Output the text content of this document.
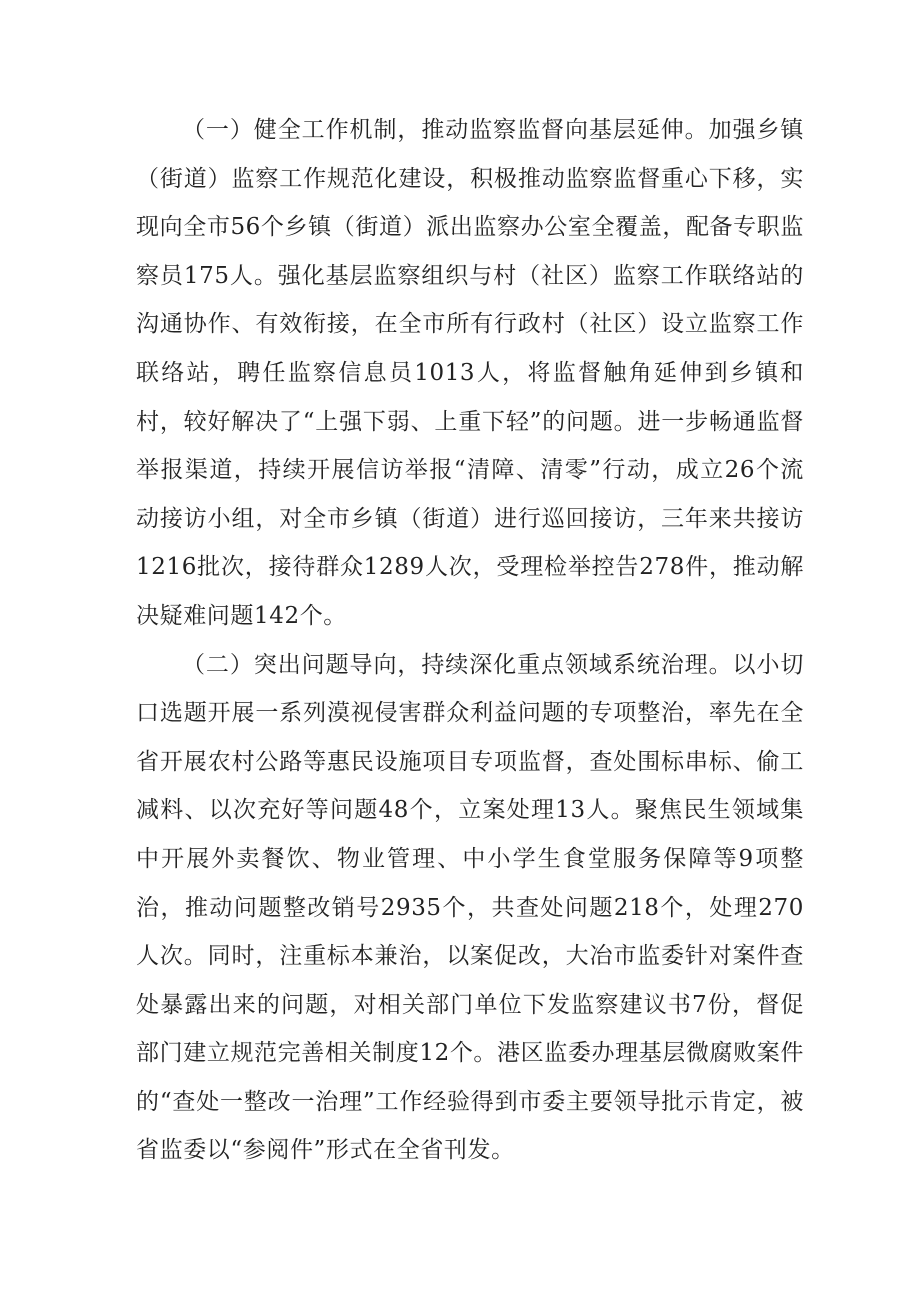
（一）健全工作机制，推动监察监督向基层延伸。加强乡镇（街道）监察工作规范化建设，积极推动监察监督重心下移，实现向全市56个乡镇（街道）派出监察办公室全覆盖，配备专职监察员175人。强化基层监察组织与村（社区）监察工作联络站的沟通协作、有效衔接，在全市所有行政村（社区）设立监察工作联络站，聘任监察信息员1013人，将监督触角延伸到乡镇和村，较好解决了“上强下弱、上重下轻”的问题。进一步畅通监督举报渠道，持续开展信访举报“清障、清零”行动，成立26个流动接访小组，对全市乡镇（街道）进行巡回接访，三年来共接访1216批次，接待群众1289人次，受理检举控告278件，推动解决疑难问题142个。

（二）突出问题导向，持续深化重点领域系统治理。以小切口选题开展一系列漠视侵害群众利益问题的专项整治，率先在全省开展农村公路等惠民设施项目专项监督，查处围标串标、偷工减料、以次充好等问题48个，立案处理13人。聚焦民生领域集中开展外卖餐饮、物业管理、中小学生食堂服务保障等9项整治，推动问题整改销号2935个，共查处问题218个，处理270人次。同时，注重标本兼治，以案促改，大冶市监委针对案件查处暴露出来的问题，对相关部门单位下发监察建议书7份，督促部门建立规范完善相关制度12个。港区监委办理基层微腐败案件的“查处一整改一治理”工作经验得到市委主要领导批示肯定，被省监委以“参阅件”形式在全省刊发。
